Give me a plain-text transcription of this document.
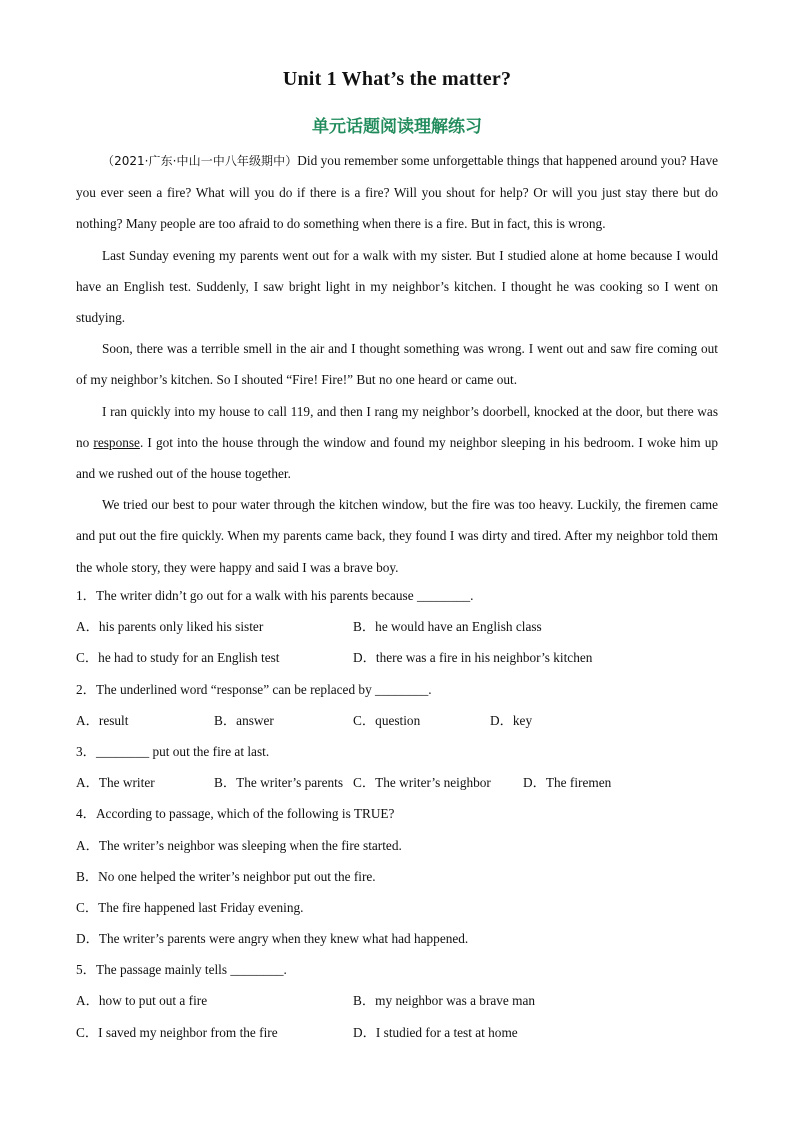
Unit 1 What’s the matter?
单元话题阅读理解练习

（2021·广东·中山一中八年级期中）Did you remember some unforgettable things that happened around you? Have you ever seen a fire? What will you do if there is a fire? Will you shout for help? Or will you just stay there but do nothing? Many people are too afraid to do something when there is a fire. But in fact, this is wrong.

Last Sunday evening my parents went out for a walk with my sister. But I studied alone at home because I would have an English test. Suddenly, I saw bright light in my neighbor’s kitchen. I thought he was cooking so I went on studying.

Soon, there was a terrible smell in the air and I thought something was wrong. I went out and saw fire coming out of my neighbor’s kitchen. So I shouted “Fire! Fire!” But no one heard or came out.

I ran quickly into my house to call 119, and then I rang my neighbor’s doorbell, knocked at the door, but there was no response. I got into the house through the window and found my neighbor sleeping in his bedroom. I woke him up and we rushed out of the house together.

We tried our best to pour water through the kitchen window, but the fire was too heavy. Luckily, the firemen came and put out the fire quickly. When my parents came back, they found I was dirty and tired. After my neighbor told them the whole story, they were happy and said I was a brave boy.

1．The writer didn’t go out for a walk with his parents because ________.
A．his parents only liked his sister	B．he would have an English class
C．he had to study for an English test	D．there was a fire in his neighbor’s kitchen
2．The underlined word “response” can be replaced by ________.
A．result	B．answer	C．question	D．key
3．________ put out the fire at last.
A．The writer	B．The writer’s parents C．The writer’s neighbor D．The firemen
4．According to passage, which of the following is TRUE?
A．The writer’s neighbor was sleeping when the fire started.
B．No one helped the writer’s neighbor put out the fire.
C．The fire happened last Friday evening.
D．The writer’s parents were angry when they knew what had happened.
5．The passage mainly tells ________.
A．how to put out a fire	B．my neighbor was a brave man
C．I saved my neighbor from the fire	D．I studied for a test at home
